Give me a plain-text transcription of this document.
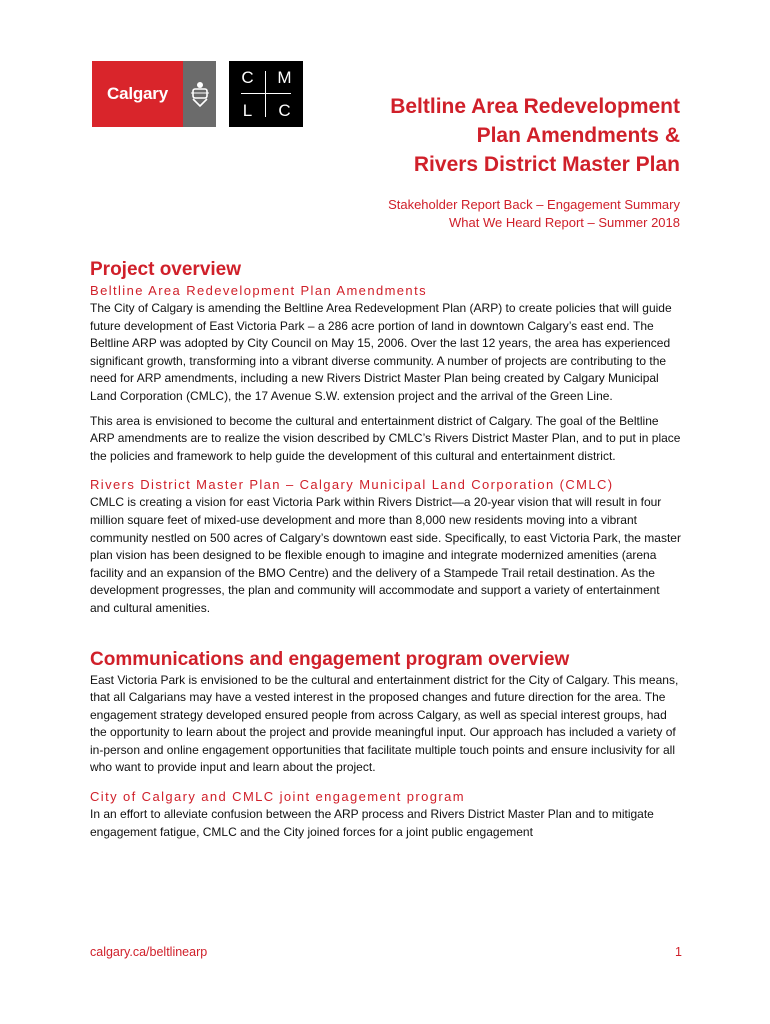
Calgary
C	M
L	C	Beltline Area Redevelopment
Plan Amendments &
Rivers District Master Plan
Stakeholder Report Back – Engagement Summary
What We Heard Report – Summer 2018
Project overview
Beltline Area Redevelopment Plan Amendments

The City of Calgary is amending the Beltline Area Redevelopment Plan (ARP) to create policies that will guide future development of East Victoria Park – a 286 acre portion of land in downtown Calgary’s east end. The Beltline ARP was adopted by City Council on May 15, 2006. Over the last 12 years, the area has experienced significant growth, transforming into a vibrant diverse community. A number of projects are contributing to the need for ARP amendments, including a new Rivers District Master Plan being created by Calgary Municipal Land Corporation (CMLC), the 17 Avenue S.W. extension project and the arrival of the Green Line.

This area is envisioned to become the cultural and entertainment district of Calgary. The goal of the Beltline ARP amendments are to realize the vision described by CMLC’s Rivers District Master Plan, and to put in place the policies and framework to help guide the development of this cultural and entertainment district.

Rivers District Master Plan – Calgary Municipal Land Corporation (CMLC)

CMLC is creating a vision for east Victoria Park within Rivers District—a 20-year vision that will result in four million square feet of mixed-use development and more than 8,000 new residents moving into a vibrant community nestled on 500 acres of Calgary’s downtown east side. Specifically, to east Victoria Park, the master plan vision has been designed to be flexible enough to imagine and integrate modernized amenities (arena facility and an expansion of the BMO Centre) and the delivery of a Stampede Trail retail destination. As the development progresses, the plan and community will accommodate and support a variety of entertainment and cultural amenities.

Communications and engagement program overview

East Victoria Park is envisioned to be the cultural and entertainment district for the City of Calgary. This means, that all Calgarians may have a vested interest in the proposed changes and future direction for the area. The engagement strategy developed ensured people from across Calgary, as well as special interest groups, had the opportunity to learn about the project and provide meaningful input. Our approach has included a variety of in-person and online engagement opportunities that facilitate multiple touch points and ensure inclusivity for all who want to provide input and learn about the project.

City of Calgary and CMLC joint engagement program

In an effort to alleviate confusion between the ARP process and Rivers District Master Plan and to mitigate engagement fatigue, CMLC and the City joined forces for a joint public engagement

calgary.ca/beltlinearp	1
